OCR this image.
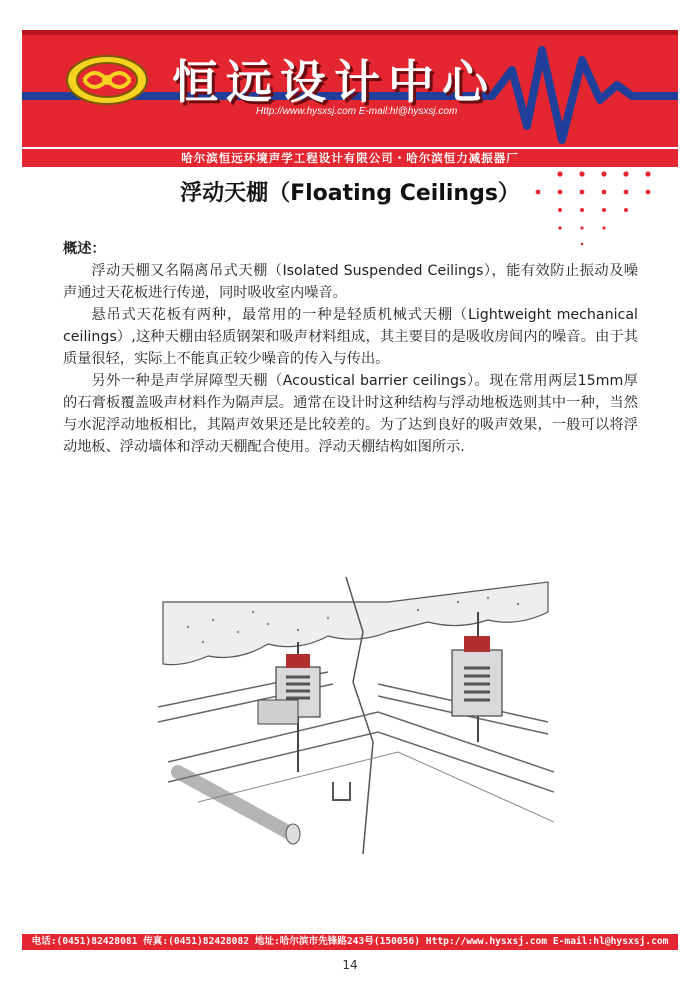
恒远设计中心
Http://www.hysxsj.com E-mail:hl@hysxsj.com
哈尔滨恒远环境声学工程设计有限公司・哈尔滨恒力减振器厂
浮动天棚（Floating Ceilings）
概述：

浮动天棚又名隔离吊式天棚（Isolated Suspended Ceilings），能有效防止振动及噪声通过天花板进行传递，同时吸收室内噪音。

悬吊式天花板有两种，最常用的一种是轻质机械式天棚（Lightweight mechanical ceilings）,这种天棚由轻质钢架和吸声材料组成，其主要目的是吸收房间内的噪音。由于其质量很轻，实际上不能真正较少噪音的传入与传出。

另外一种是声学屏障型天棚（Acoustical barrier ceilings）。现在常用两层15mm厚的石膏板覆盖吸声材料作为隔声层。通常在设计时这种结构与浮动地板选则其中一种，当然与水泥浮动地板相比，其隔声效果还是比较差的。为了达到良好的吸声效果，一般可以将浮动地板、浮动墙体和浮动天棚配合使用。浮动天棚结构如图所示.

电话:(0451)82428081 传真:(0451)82428082 地址:哈尔滨市先锋路243号(150056) Http://www.hysxsj.com E-mail:hl@hysxsj.com
14
